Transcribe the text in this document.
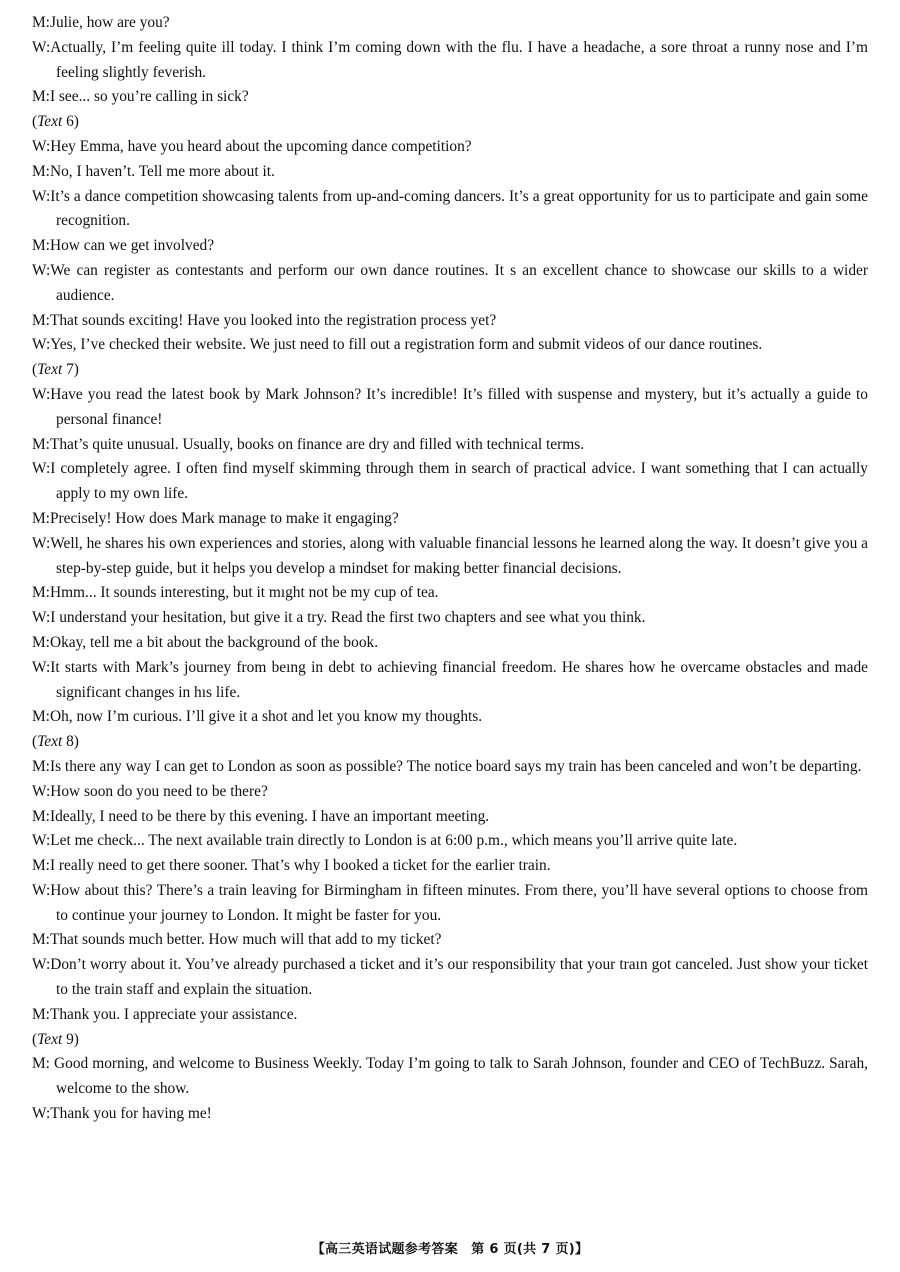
M:Julie, how are you?
W:Actually, I’m feeling quite ill today. I think I’m coming down with the flu. I have a headache, a sore throat a runny nose and I’m feeling slightly feverish.
M:I see... so you’re calling in sick?
(Text 6)
W:Hey Emma, have you heard about the upcoming dance competition?
M:No, I haven’t. Tell me more about it.
W:It’s a dance competition showcasing talents from up-and-coming dancers. It’s a great opportunity for us to participate and gain some recognition.
M:How can we get involved?
W:We can register as contestants and perform our own dance routines. It s an excellent chance to showcase our skills to a wider audience.
M:That sounds exciting! Have you looked into the registration process yet?
W:Yes, I’ve checked their website. We just need to fill out a registration form and submit videos of our dance routines.
(Text 7)
W:Have you read the latest book by Mark Johnson? It’s incredible! It’s filled with suspense and mystery, but it’s actually a guide to personal finance!
M:That’s quite unusual. Usually, books on finance are dry and filled with technical terms.
W:I completely agree. I often find myself skimming through them in search of practical advice. I want something that I can actually apply to my own life.
M:Precisely! How does Mark manage to make it engaging?
W:Well, he shares his own experiences and stories, along with valuable financial lessons he learned along the way. It doesn’t give you a step-by-step guide, but it helps you develop a mindset for making better financial decisions.
M:Hmm... It sounds interesting, but it mıght not be my cup of tea.
W:I understand your hesitation, but give it a try. Read the first two chapters and see what you think.
M:Okay, tell me a bit about the background of the book.
W:It starts with Mark’s journey from beıng in debt to achieving financial freedom. He shares how he overcame obstacles and made significant changes in hıs life.
M:Oh, now I’m curious. I’ll give it a shot and let you know my thoughts.
(Text 8)
M:Is there any way I can get to London as soon as possible? The notice board says my train has been canceled and won’t be departing.
W:How soon do you need to be there?
M:Ideally, I need to be there by this evening. I have an important meeting.
W:Let me check... The next available train directly to London is at 6:00 p.m., which means you’ll arrive quite late.
M:I really need to get there sooner. That’s why I booked a ticket for the earlier train.
W:How about this? There’s a train leaving for Birmingham in fifteen minutes. From there, you’ll have several options to choose from to continue your journey to London. It might be faster for you.
M:That sounds much better. How much will that add to my ticket?
W:Don’t worry about it. You’ve already purchased a ticket and it’s our responsibility that your traın got canceled. Just show your ticket to the train staff and explain the situation.
M:Thank you. I appreciate your assistance.
(Text 9)
M: Good morning, and welcome to Business Weekly. Today I’m going to talk to Sarah Johnson, founder and CEO of TechBuzz. Sarah, welcome to the show.
W:Thank you for having me!
【高三英语试题参考答案　第 6 页(共 7 页)】
